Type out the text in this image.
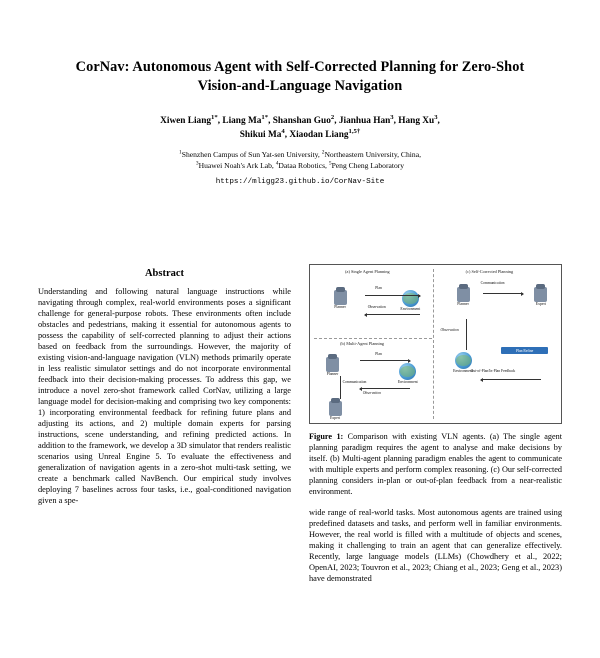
CorNav: Autonomous Agent with Self-Corrected Planning for Zero-Shot Vision-and-Language Navigation
Xiwen Liang$^{1*}$, Liang $Ma^{1*}$, Shanshan Guo$^2$, Jianhua Han$^3$, Hang Xu$^3$,
Shikui Ma$^4$, Xiaodan Liang$^{1,5\dagger}$
$^1$Shenzhen Campus of Sun Yat-sen University, $^2$Northeastern University, China,
$^3$Huawei Noah's Ark Lab, $^4$Dataa Robotics, $^5$Peng Cheng Laboratory
https://mligg23.github.io/CorNav-Site
Abstract

Understanding and following natural language instructions while navigating through complex, real-world environments poses a significant challenge for general-purpose robots. These environments often include obstacles and pedestrians, making it essential for autonomous agents to possess the capability of self-corrected planning to adjust their actions based on feedback from the surroundings. However, the majority of existing vision-and-language navigation (VLN) methods primarily operate in less realistic simulator settings and do not incorporate environmental feedback into their decision-making processes. To address this gap, we introduce a novel zero-shot framework called CorNav, utilizing a large language model for decision-making and comprising two key components: 1) incorporating environmental feedback for refining future plans and adjusting its actions, and 2) multiple domain experts for parsing instructions, scene understanding, and refining predicted actions. In addition to the framework, we develop a 3D simulator that renders realistic scenarios using Unreal Engine 5. To evaluate the effectiveness and generalization of navigation agents in a zero-shot multi-task setting, we create a benchmark called NavBench. Our empirical study involves deploying 7 baselines across four tasks, i.e., goal-conditioned navigation given a spe-

(a) Single Agent Planning
(b) Multi-Agent Planning
(c) Self-Corrected Planning
Planner	Environment
Plan
Observation
Planner
Environment
Expert
Plan
Observation
Communication
Planner	Expert
Communication
Environment
Plan Refine
Observation
Out-of-Plan/In-Plan Feedback
Figure 1: Comparison with existing VLN agents. (a) The single agent planning paradigm requires the agent to analyse and make decisions by itself. (b) Multi-agent planning paradigm enables the agent to communicate with multiple experts and perform complex reasoning. (c) Our self-corrected planning considers in-plan or out-of-plan feedback from a near-realistic environment.

wide range of real-world tasks. Most autonomous agents are trained using predefined datasets and tasks, and perform well in familiar environments. However, the real world is filled with a multitude of objects and scenes, making it challenging to train an agent that can generalize effectively. Recently, large language models (LLMs) (Chowdhery et al., 2022; OpenAI, 2023; Touvron et al., 2023; Chiang et al., 2023; Geng et al., 2023) have demonstrated
